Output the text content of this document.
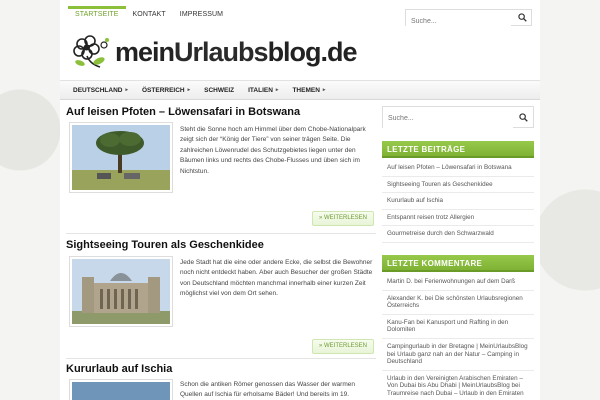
STARTSEITE	KONTAKT	IMPRESSUM
Suche...
meinUrlaubsblog.de
DEUTSCHLAND ▸ ÖSTERREICH ▸ SCHWEIZ ITALIEN ▸ THEMEN ▸
Auf leisen Pfoten – Löwensafari in Botswana
Steht die Sonne hoch am Himmel über dem Chobe-Nationalpark zeigt sich der “König der Tiere” von seiner trägen Seite. Die zahlreichen Löwenrudel des Schutzgebietes liegen unter den Bäumen links und rechts des Chobe-Flusses und üben sich im Nichtstun.
» WEITERLESEN
Sightseeing Touren als Geschenkidee
Jede Stadt hat die eine oder andere Ecke, die selbst die Bewohner noch nicht entdeckt haben. Aber auch Besucher der großen Städte von Deutschland möchten manchmal innerhalb einer kurzen Zeit möglichst viel von dem Ort sehen.
» WEITERLESEN
Kururlaub auf Ischia
Schon die antiken Römer genossen das Wasser der warmen Quellen auf Ischia für erholsame Bäder! Und bereits im 19.
Suche...
LETZTE BEITRÄGE
Auf leisen Pfoten – Löwensafari in Botswana
Sightseeing Touren als Geschenkidee
Kururlaub auf Ischia
Entspannt reisen trotz Allergien
Gourmetreise durch den Schwarzwald
LETZTE KOMMENTARE
Martin D. bei Ferienwohnungen auf dem Darß
Alexander K. bei Die schönsten Urlaubsregionen Österreichs
Kanu-Fan bei Kanusport und Rafting in den Dolomiten
Campingurlaub in der Bretagne | MeinUrlaubsBlog bei Urlaub ganz nah an der Natur – Camping in Deutschland
Urlaub in den Vereinigten Arabischen Emiraten – Von Dubai bis Abu Dhabi | MeinUrlaubsBlog bei Traumreise nach Dubai – Urlaub in den Emiraten
